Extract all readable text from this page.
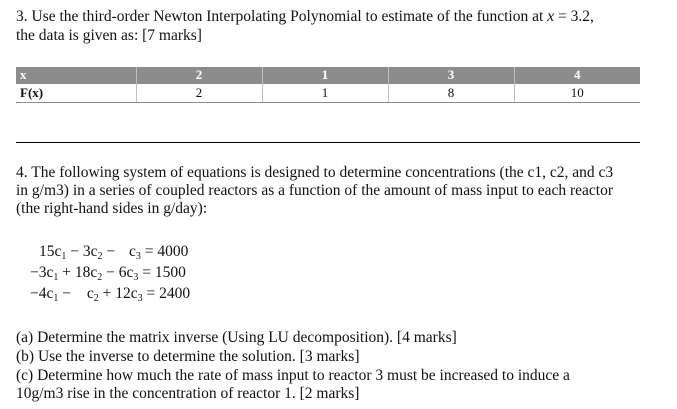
3. Use the third-order Newton Interpolating Polynomial to estimate of the function at x = 3.2,
the data is given as: [7 marks]
x	2	1	3	4
F(x)	2	1	8	10
4. The following system of equations is designed to determine concentrations (the c1, c2, and c3
in g/m3) in a series of coupled reactors as a function of the amount of mass input to each reactor
(the right-hand sides in g/day):
$15c_1 - 3c_2 - c_3 = 4000$
$-3c_1 + 18c_2 - 6c_3 = 1500$
$-4c_1 - c_2 + 12c_3 = 2400$
(a) Determine the matrix inverse (Using LU decomposition). [4 marks]
(b) Use the inverse to determine the solution. [3 marks]
(c) Determine how much the rate of mass input to reactor 3 must be increased to induce a
10g/m3 rise in the concentration of reactor 1. [2 marks]
